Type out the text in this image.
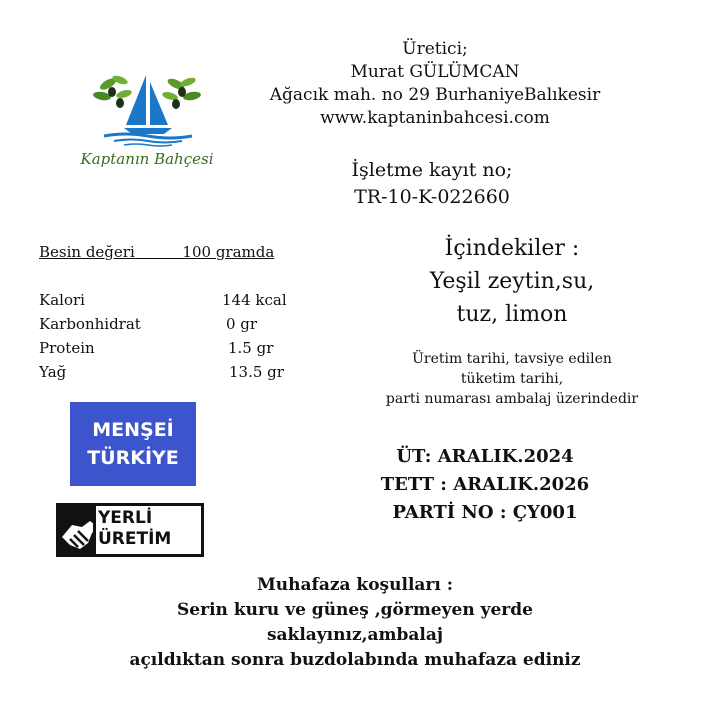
Kaptanın Bahçesi
Üretici;
Murat GÜLÜMCAN
Ağacık mah. no 29 BurhaniyeBalıkesir
www.kaptaninbahcesi.com
İşletme kayıt no;
TR-10-K-022660
Besin değeri          100 gramda
Kalori	144 kcal
Karbonhidrat	0 gr
Protein	1.5 gr
Yağ	13.5 gr
İçindekiler :
Yeşil zeytin,su,
tuz, limon
Üretim tarihi, tavsiye edilen
tüketim tarihi,
parti numarası ambalaj üzerindedir
ÜT: ARALIK.2024
TETT : ARALIK.2026
PARTİ NO : ÇY001
MENŞEİ
TÜRKİYE
YERLİ
ÜRETİM
Muhafaza koşulları :
Serin kuru ve güneş ,görmeyen yerde
saklayınız,ambalaj
açıldıktan sonra buzdolabında muhafaza ediniz
